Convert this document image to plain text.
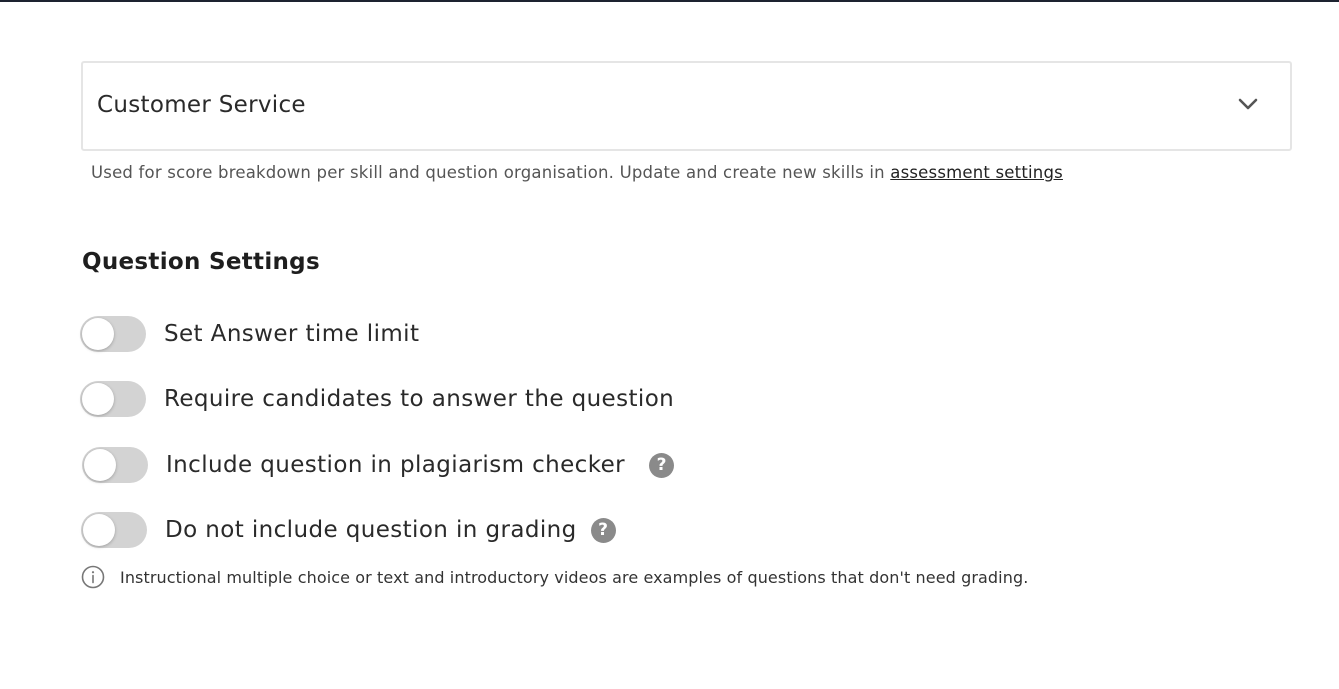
Customer Service
Used for score breakdown per skill and question organisation. Update and create new skills in assessment settings
Question Settings
Set Answer time limit
Require candidates to answer the question
Include question in plagiarism checker	?
Do not include question in grading	?
Instructional multiple choice or text and introductory videos are examples of questions that don't need grading.
